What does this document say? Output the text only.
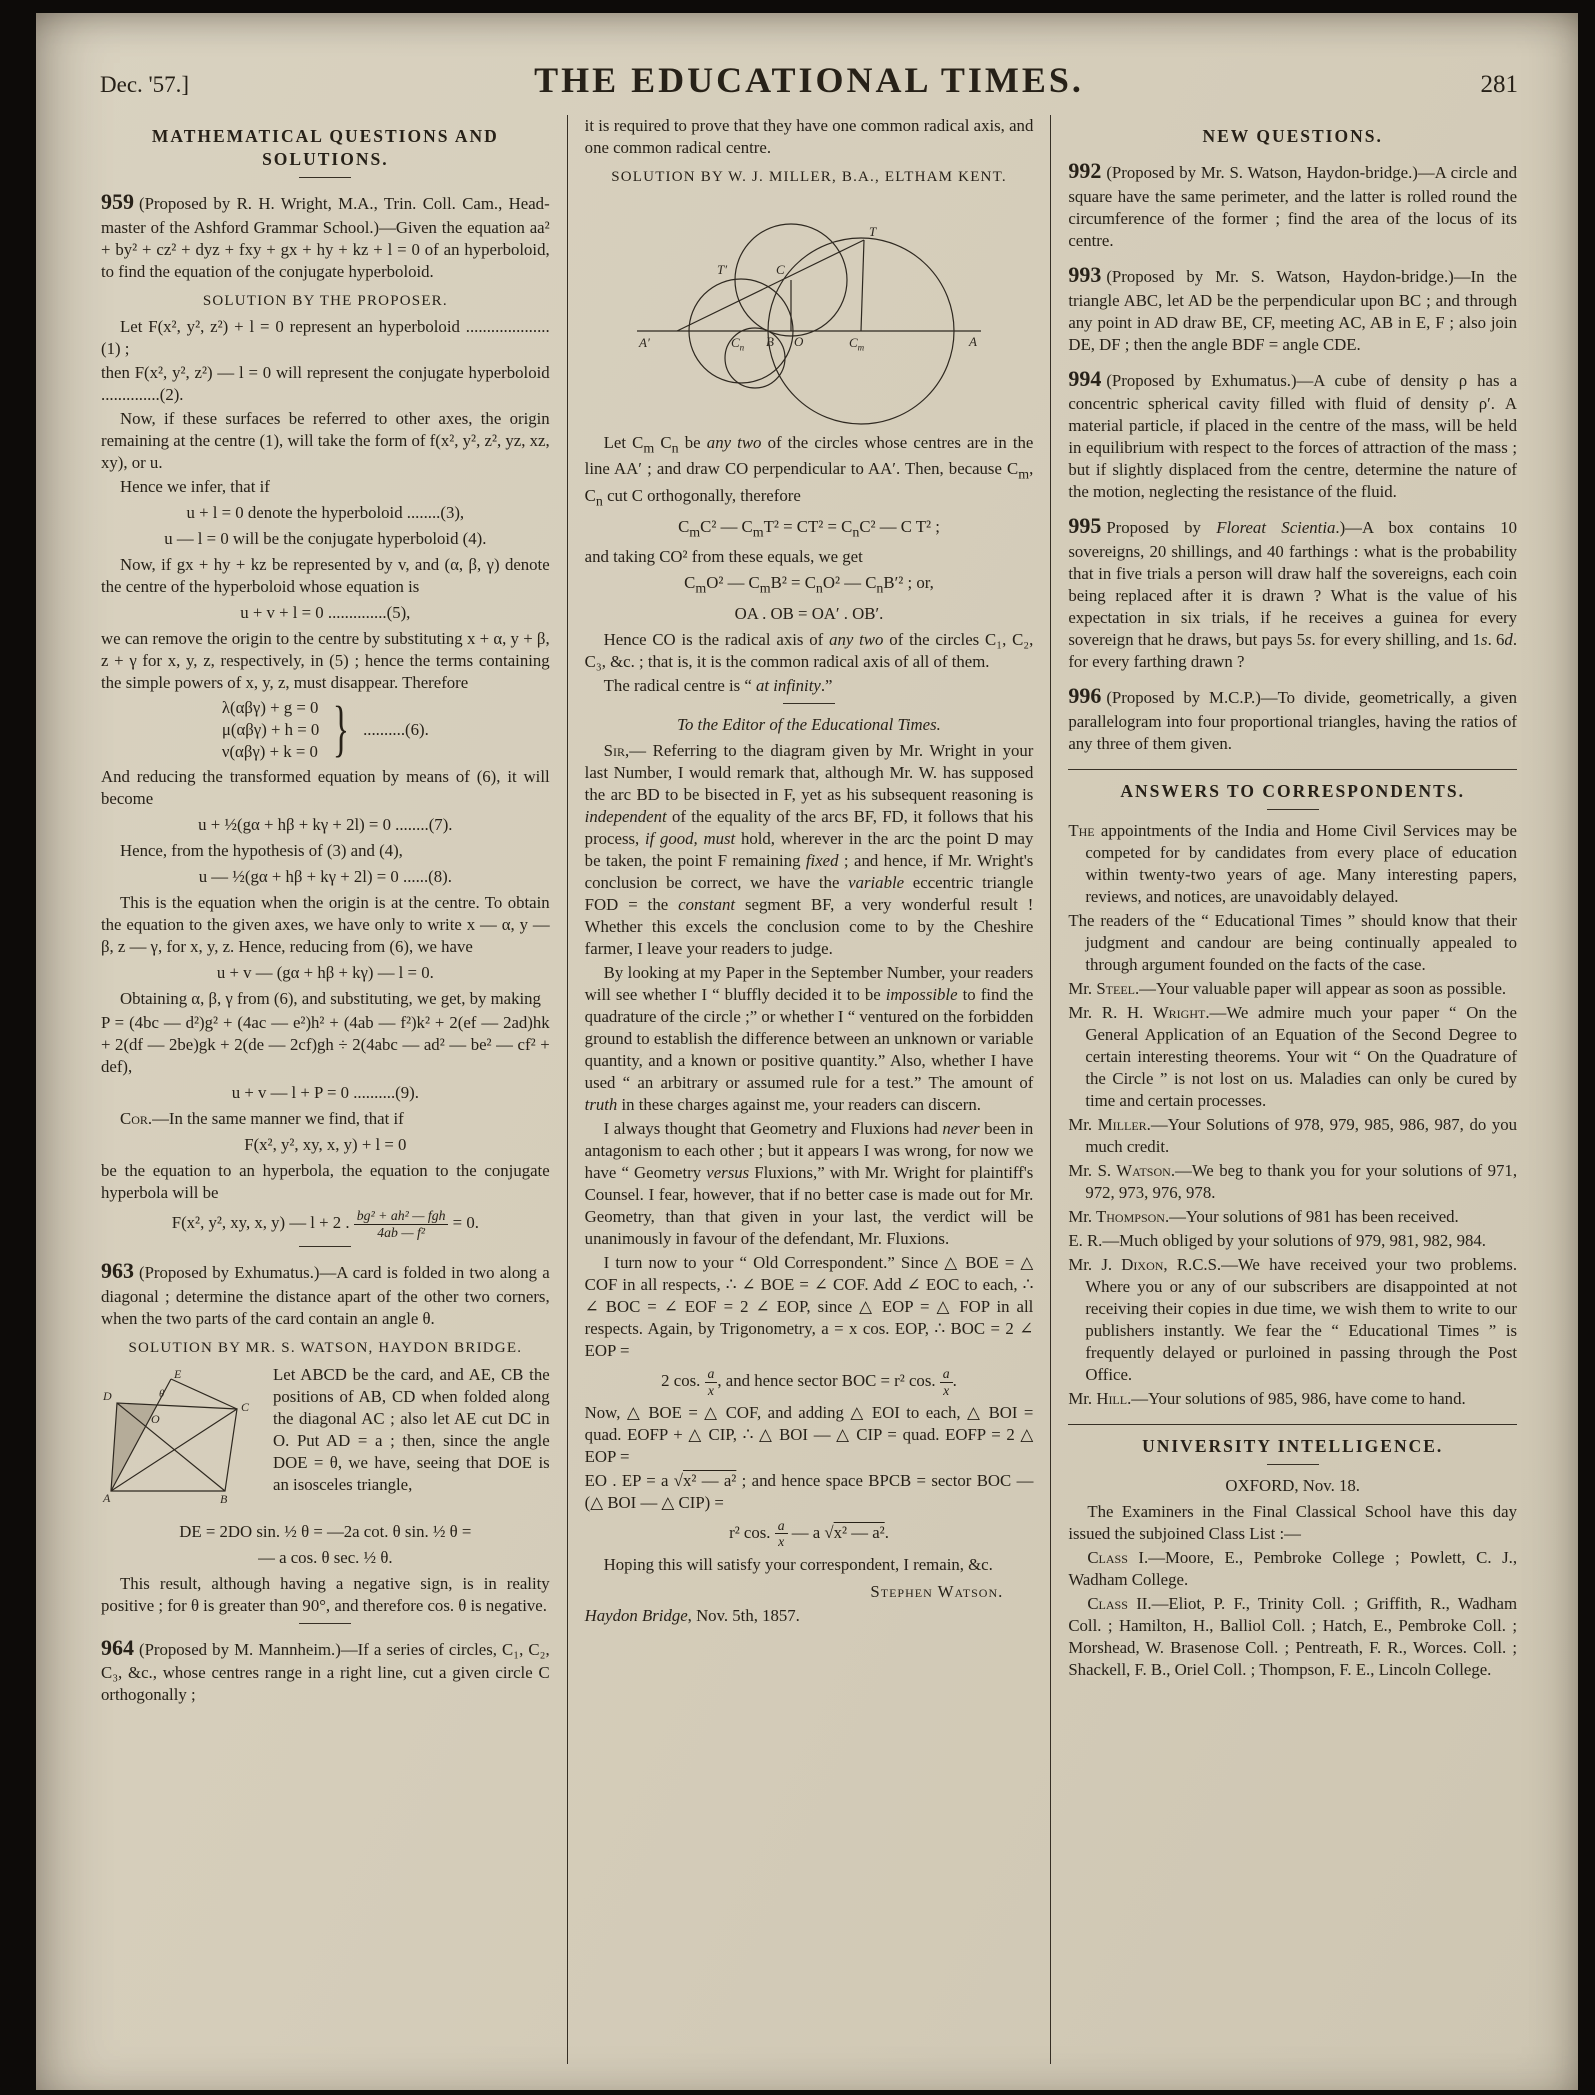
Dec. '57.]	THE EDUCATIONAL TIMES.	281
MATHEMATICAL QUESTIONS AND SOLUTIONS.
959 (Proposed by R. H. Wright, M.A., Trin. Coll. Cam., Head-master of the Ashford Grammar School.)—Given the equation aa² + by² + cz² + dyz + fxy + gx + hy + kz + l = 0 of an hyperboloid, to find the equation of the conjugate hyperboloid.
SOLUTION BY THE PROPOSER.
Let F(x², y², z²) + l = 0 represent an hyperboloid ....................(1) ;
then F(x², y², z²) — l = 0 will represent the conjugate hyperboloid ..............(2).
Now, if these surfaces be referred to other axes, the origin remaining at the centre (1), will take the form of f(x², y², z², yz, xz, xy), or u.
Hence we infer, that if
u + l = 0 denote the hyperboloid ........(3),
u — l = 0 will be the conjugate hyperboloid (4).
Now, if gx + hy + kz be represented by v, and (α, β, γ) denote the centre of the hyperboloid whose equation is
u + v + l = 0 ..............(5),
we can remove the origin to the centre by substituting x + α, y + β, z + γ for x, y, z, respectively, in (5) ; hence the terms containing the simple powers of x, y, z, must disappear. Therefore
λ(αβγ) + g = 0
μ(αβγ) + h = 0
ν(αβγ) + k = 0 } ..........(6).
And reducing the transformed equation by means of (6), it will become
u + ½(gα + hβ + kγ + 2l) = 0 ........(7).
Hence, from the hypothesis of (3) and (4),
u — ½(gα + hβ + kγ + 2l) = 0 ......(8).
This is the equation when the origin is at the centre. To obtain the equation to the given axes, we have only to write x — α, y — β, z — γ, for x, y, z. Hence, reducing from (6), we have
u + v — (gα + hβ + kγ) — l = 0.
Obtaining α, β, γ from (6), and substituting, we get, by making
P = (4bc — d²)g² + (4ac — e²)h² + (4ab — f²)k² + 2(ef — 2ad)hk + 2(df — 2be)gk + 2(de — 2cf)gh ÷ 2(4abc — ad² — be² — cf² + def),
u + v — l + P = 0 ..........(9).
Cor.—In the same manner we find, that if
F(x², y², xy, x, y) + l = 0
be the equation to an hyperbola, the equation to the conjugate hyperbola will be
F(x², y², xy, x, y) — l + 2 . bg² + ah² — fgh
4ab — f²
= 0.
963 (Proposed by Exhumatus.)—A card is folded in two along a diagonal ; determine the distance apart of the other two corners, when the two parts of the card contain an angle θ.
SOLUTION BY MR. S. WATSON, HAYDON BRIDGE.
D
E
C
O
A	B
θ
Let ABCD be the card, and AE, CB the positions of AB, CD when folded along the diagonal AC ; also let AE cut DC in O. Put AD = a ; then, since the angle DOE = θ, we have, seeing that DOE is an isosceles triangle,
DE = 2DO sin. ½ θ = —2a cot. θ sin. ½ θ =
— a cos. θ sec. ½ θ.
This result, although having a negative sign, is in reality positive ; for θ is greater than 90°, and therefore cos. θ is negative.
964 (Proposed by M. Mannheim.)—If a series of circles, C₁, C₂, C₃, &c., whose centres range in a right line, cut a given circle C orthogonally ;
it is required to prove that they have one common radical axis, and one common radical centre.
SOLUTION BY W. J. MILLER, B.A., ELTHAM KENT.
T
T′	C
A′	$C_n$ B O	$C_m$	A
Let $C_m$ $C_n$ be any two of the circles whose centres are in the line AA′ ; and draw CO perpendicular to AA′. Then, because $C_m$, $C_n$ cut C orthogonally, therefore
$C_mC^2$ — $C_mT^2 = CT^2 = C_nC^2$ — C T² ;
and taking CO² from these equals, we get
$C_mO^2$ — $C_mB^2 = C_nO^2$ — $C_nB'^2$ ; or,
OA . OB = OA′ . OB′.
Hence CO is the radical axis of any two of the circles C₁, C₂, C₃, &c. ; that is, it is the common radical axis of all of them.
The radical centre is “ at infinity.”
To the Editor of the Educational Times.
Sir,— Referring to the diagram given by Mr. Wright in your last Number, I would remark that, although Mr. W. has supposed the arc BD to be bisected in F, yet as his subsequent reasoning is independent of the equality of the arcs BF, FD, it follows that his process, if good, must hold, wherever in the arc the point D may be taken, the point F remaining fixed ; and hence, if Mr. Wright's conclusion be correct, we have the variable eccentric triangle FOD = the constant segment BF, a very wonderful result ! Whether this excels the conclusion come to by the Cheshire farmer, I leave your readers to judge.
By looking at my Paper in the September Number, your readers will see whether I “ bluffly decided it to be impossible to find the quadrature of the circle ;” or whether I “ ventured on the forbidden ground to establish the difference between an unknown or variable quantity, and a known or positive quantity.” Also, whether I have used “ an arbitrary or assumed rule for a test.” The amount of truth in these charges against me, your readers can discern.
I always thought that Geometry and Fluxions had never been in antagonism to each other ; but it appears I was wrong, for now we have “ Geometry versus Fluxions,” with Mr. Wright for plaintiff's Counsel. I fear, however, that if no better case is made out for Mr. Geometry, than that given in your last, the verdict will be unanimously in favour of the defendant, Mr. Fluxions.
I turn now to your “ Old Correspondent.” Since △ BOE = △ COF in all respects, ∴ ∠ BOE = ∠ COF. Add ∠ EOC to each, ∴ ∠ BOC = ∠ EOF = 2 ∠ EOP, since △ EOP = △ FOP in all respects. Again, by Trigonometry, a = x cos. EOP, ∴ BOC = 2 ∠ EOP =
2 cos. $\frac{a}{x}$ , and hence sector BOC = r² cos. $\frac{a}{x}$ .
Now, △ BOE = △ COF, and adding △ EOI to each, △ BOI = quad. EOFP + △ CIP, ∴ △ BOI — △ CIP = quad. EOFP = 2 △ EOP =
EO . EP = a √x² — a² ; and hence space BPCB = sector BOC — (△ BOI — △ CIP) =
r² cos. $\frac{a}{x}$ — a √x² — a².
Hoping this will satisfy your correspondent, I remain, &c.
Stephen Watson.
Haydon Bridge, Nov. 5th, 1857.
NEW QUESTIONS.
992 (Proposed by Mr. S. Watson, Haydon-bridge.)—A circle and square have the same perimeter, and the latter is rolled round the circumference of the former ; find the area of the locus of its centre.
993 (Proposed by Mr. S. Watson, Haydon-bridge.)—In the triangle ABC, let AD be the perpendicular upon BC ; and through any point in AD draw BE, CF, meeting AC, AB in E, F ; also join DE, DF ; then the angle BDF = angle CDE.
994 (Proposed by Exhumatus.)—A cube of density ρ has a concentric spherical cavity filled with fluid of density ρ′. A material particle, if placed in the centre of the mass, will be held in equilibrium with respect to the forces of attraction of the mass ; but if slightly displaced from the centre, determine the nature of the motion, neglecting the resistance of the fluid.
995 Proposed by Floreat Scientia.)—A box contains 10 sovereigns, 20 shillings, and 40 farthings : what is the probability that in five trials a person will draw half the sovereigns, each coin being replaced after it is drawn ? What is the value of his expectation in six trials, if he receives a guinea for every sovereign that he draws, but pays 5s. for every shilling, and 1s. 6d. for every farthing drawn ?
996 (Proposed by M.C.P.)—To divide, geometrically, a given parallelogram into four proportional triangles, having the ratios of any three of them given.
ANSWERS TO CORRESPONDENTS.
The appointments of the India and Home Civil Services may be competed for by candidates from every place of education within twenty-two years of age. Many interesting papers, reviews, and notices, are unavoidably delayed.
The readers of the “ Educational Times ” should know that their judgment and candour are being continually appealed to through argument founded on the facts of the case.
Mr. Steel.—Your valuable paper will appear as soon as possible.
Mr. R. H. Wright.—We admire much your paper “ On the General Application of an Equation of the Second Degree to certain interesting theorems. Your wit “ On the Quadrature of the Circle ” is not lost on us. Maladies can only be cured by time and certain processes.
Mr. Miller.—Your Solutions of 978, 979, 985, 986, 987, do you much credit.
Mr. S. Watson.—We beg to thank you for your solutions of 971, 972, 973, 976, 978.
Mr. Thompson.—Your solutions of 981 has been received.
E. R.—Much obliged by your solutions of 979, 981, 982, 984.
Mr. J. Dixon, R.C.S.—We have received your two problems. Where you or any of our subscribers are disappointed at not receiving their copies in due time, we wish them to write to our publishers instantly. We fear the “ Educational Times ” is frequently delayed or purloined in passing through the Post Office.
Mr. Hill.—Your solutions of 985, 986, have come to hand.
UNIVERSITY INTELLIGENCE.
OXFORD, Nov. 18.
The Examiners in the Final Classical School have this day issued the subjoined Class List :—
Class I.—Moore, E., Pembroke College ; Powlett, C. J., Wadham College.
Class II.—Eliot, P. F., Trinity Coll. ; Griffith, R., Wadham Coll. ; Hamilton, H., Balliol Coll. ; Hatch, E., Pembroke Coll. ; Morshead, W. Brasenose Coll. ; Pentreath, F. R., Worces. Coll. ; Shackell, F. B., Oriel Coll. ; Thompson, F. E., Lincoln College.
